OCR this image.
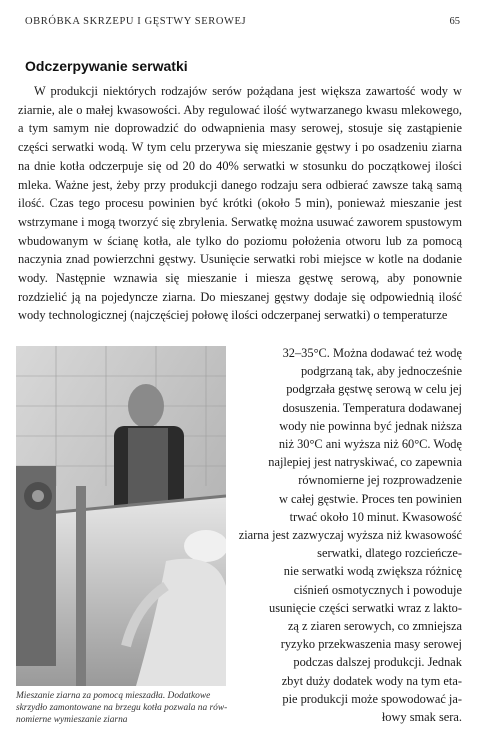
OBRÓBKA SKRZEPU I GĘSTWY SEROWEJ	65
Odczerpywanie serwatki

W produkcji niektórych rodzajów serów pożądana jest większa zawartość wody w ziarnie, ale o małej kwasowości. Aby regulować ilość wytwarzanego kwasu mlekowego, a tym samym nie doprowadzić do odwapnienia masy serowej, stosuje się zastąpienie części serwatki wodą. W tym celu przerywa się mieszanie gęstwy i po osadzeniu ziarna na dnie kotła odczerpuje się od 20 do 40% serwatki w stosunku do początkowej ilości mleka. Ważne jest, żeby przy produkcji danego rodzaju sera odbierać zawsze taką samą ilość. Czas tego procesu powinien być krótki (około 5 min), ponieważ mieszanie jest wstrzymane i mogą tworzyć się zbrylenia. Serwatkę można usuwać zaworem spustowym wbudowanym w ścianę kotła, ale tylko do poziomu położenia otworu lub za pomocą naczynia znad powierzchni gęstwy. Usunięcie serwatki robi miejsce w kotle na dodanie wody. Następnie wznawia się mieszanie i miesza gęstwę serową, aby ponownie rozdzielić ją na pojedyncze ziarna. Do mieszanej gęstwy dodaje się odpowiednią ilość wody technologicznej (najczęściej połowę ilości odczerpanej serwatki) o temperaturze

32–35°C. Można dodawać też wodę
podgrzaną tak, aby jednocześnie
podgrzała gęstwę serową w celu jej
dosuszenia. Temperatura dodawanej
wody nie powinna być jednak niższa
niż 30°C ani wyższa niż 60°C. Wodę
najlepiej jest natryskiwać, co zapewnia
równomierne jej rozprowadzenie
w całej gęstwie. Proces ten powinien
trwać około 10 minut. Kwasowość
ziarna jest zazwyczaj wyższa niż kwasowość serwatki, dlatego rozcieńcze-
nie serwatki wodą zwiększa różnicę
ciśnień osmotycznych i powoduje
usunięcie części serwatki wraz z lakto-
zą z ziaren serowych, co zmniejsza
ryzyko przekwaszenia masy serowej
podczas dalszej produkcji. Jednak
zbyt duży dodatek wody na tym eta-
pie produkcji może spowodować ja-
łowy smak sera.
Mieszanie ziarna za pomocą mieszadła. Dodatkowe
skrzydło zamontowane na brzegu kotła pozwala na rów-
nomierne wymieszanie ziarna
